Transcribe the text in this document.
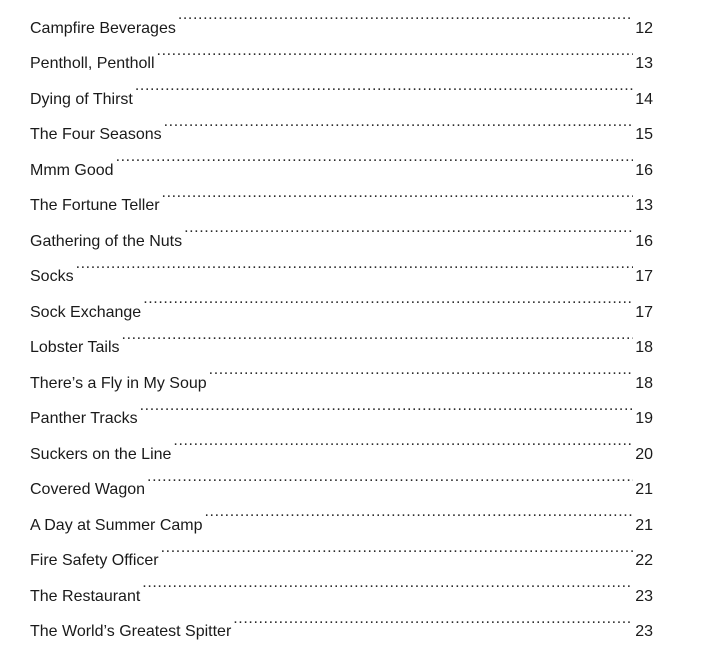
Campfire Beverages .....	12
Pentholl, Pentholl .....	13
Dying of Thirst .....	14
The Four Seasons .....	15
Mmm Good .....	16
The Fortune Teller .....	13
Gathering of the Nuts .....	16
Socks .....	17
Sock Exchange .....	17
Lobster Tails .....	18
There’s a Fly in My Soup .....	18
Panther Tracks .....	19
Suckers on the Line .....	20
Covered Wagon .....	21
A Day at Summer Camp .....	21
Fire Safety Officer .....	22
The Restaurant .....	23
The World’s Greatest Spitter .....	23
